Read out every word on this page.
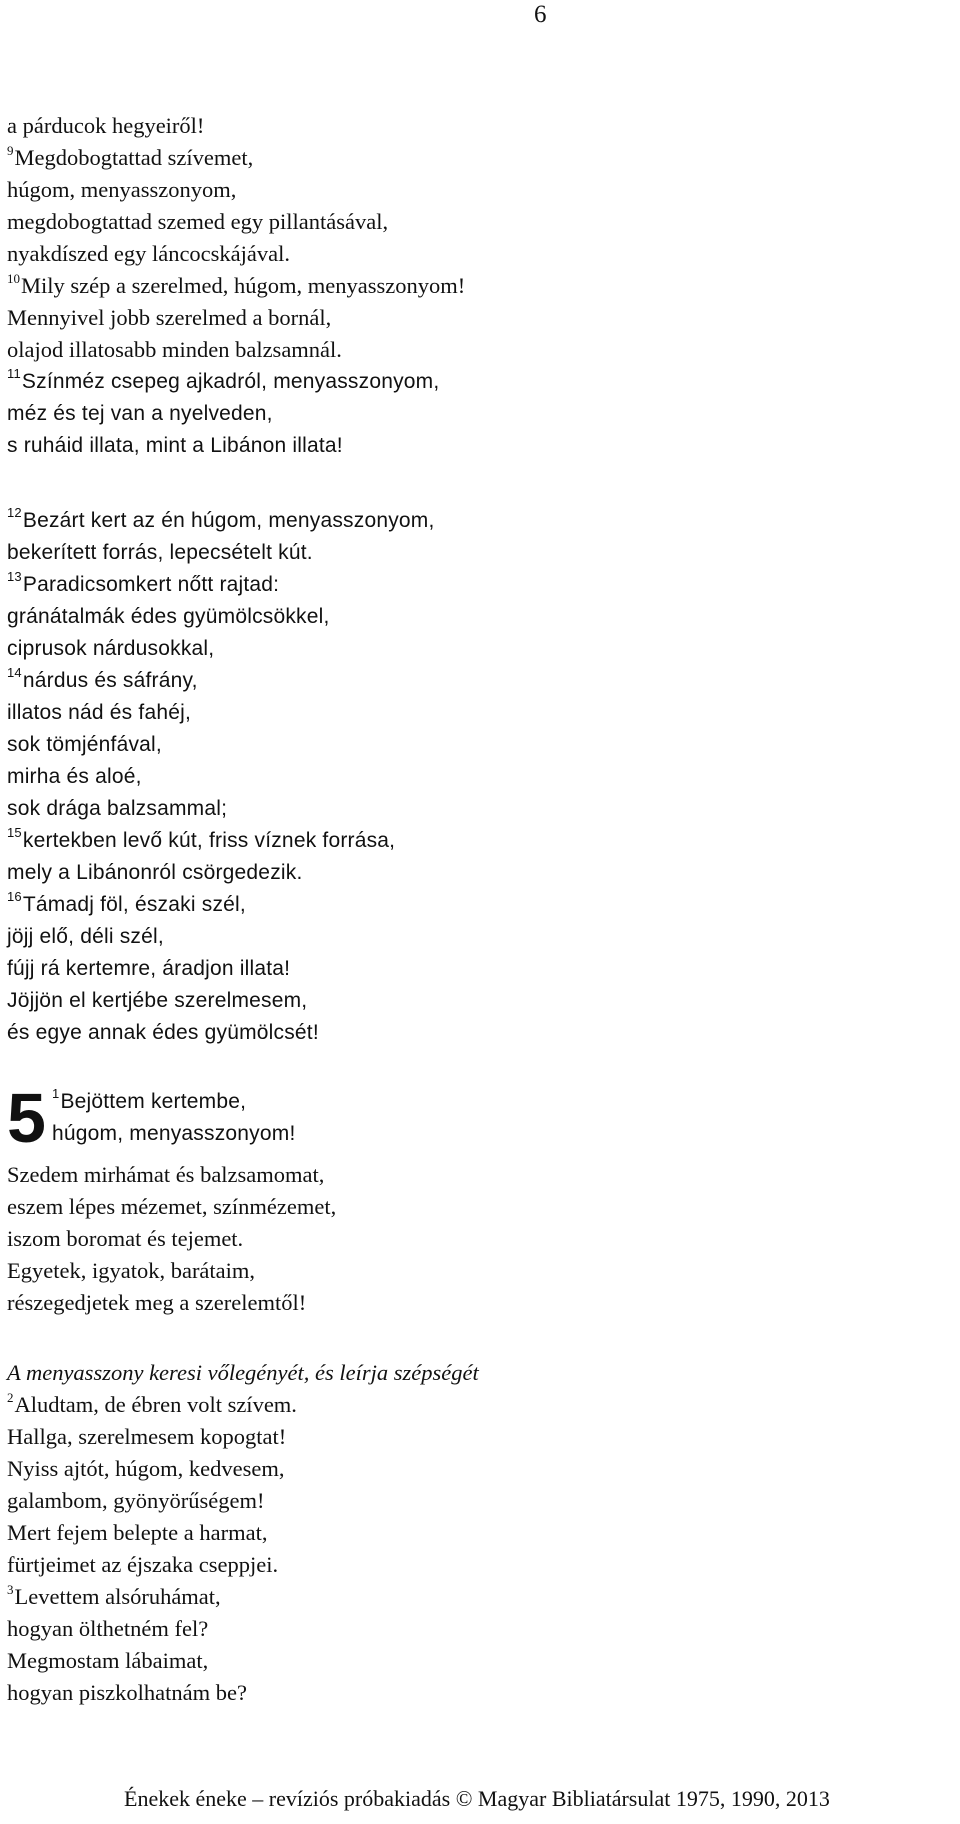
6
a párducok hegyeiről!
$^9$Megdobogtattad szívemet,
húgom, menyasszonyom,
megdobogtattad szemed egy pillantásával,
nyakdíszed egy láncocskájával.
$^{10}$Mily szép a szerelmed, húgom, menyasszonyom!
Mennyivel jobb szerelmed a bornál,
olajod illatosabb minden balzsamnál.
$^{11}$Színméz csepeg ajkadról, menyasszonyom,
méz és tej van a nyelveden,
s ruháid illata, mint a Libánon illata!
$^{12}$Bezárt kert az én húgom, menyasszonyom,
bekerített forrás, lepecsételt kút.
$^{13}$Paradicsomkert nőtt rajtad:
gránátalmák édes gyümölcsökkel,
ciprusok nárdusokkal,
$^{14}$nárdus és sáfrány,
illatos nád és fahéj,
sok tömjénfával,
mirha és aloé,
sok drága balzsammal;
$^{15}$kertekben levő kút, friss víznek forrása,
mely a Libánonról csörgedezik.
$^{16}$Támadj föl, északi szél,
jöjj elő, déli szél,
fújj rá kertemre, áradjon illata!
Jöjjön el kertjébe szerelmesem,
és egye annak édes gyümölcsét!
5 $^1$Bejöttem kertembe,
húgom, menyasszonyom!
Szedem mirhámat és balzsamomat,
eszem lépes mézemet, színmézemet,
iszom boromat és tejemet.
Egyetek, igyatok, barátaim,
részegedjetek meg a szerelemtől!
A menyasszony keresi vőlegényét, és leírja szépségét
$^2$Aludtam, de ébren volt szívem.
Hallga, szerelmesem kopogtat!
Nyiss ajtót, húgom, kedvesem,
galambom, gyönyörűségem!
Mert fejem belepte a harmat,
fürtjeimet az éjszaka cseppjei.
$^3$Levettem alsóruhámat,
hogyan ölthetném fel?
Megmostam lábaimat,
hogyan piszkolhatnám be?
Énekek éneke – revíziós próbakiadás © Magyar Bibliatársulat 1975, 1990, 2013
